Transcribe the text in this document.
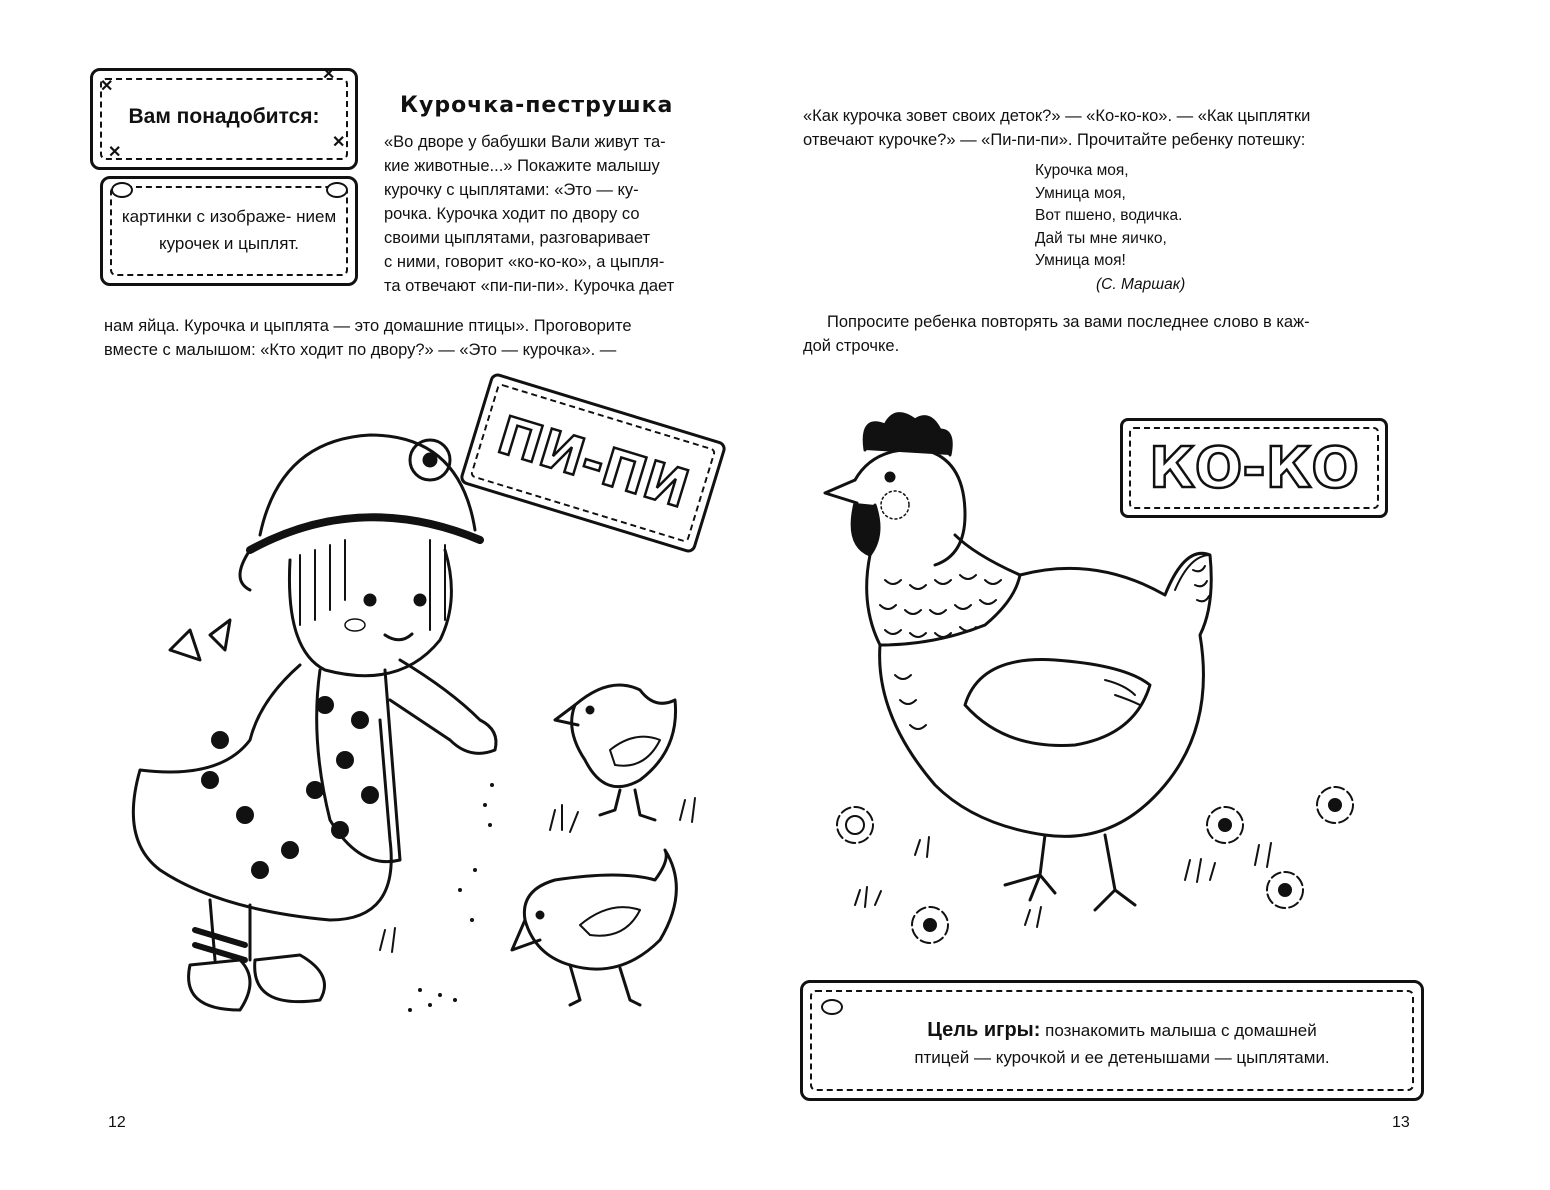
Вам понадобится:
✕
✕
✕
✕
картинки с изображе- нием курочек и цыплят.
Курочка-пеструшка
«Во дворе у бабушки Вали живут та-
кие животные...» Покажите малышу
курочку с цыплятами: «Это — ку-
рочка. Курочка ходит по двору со
своими цыплятами, разговаривает
с ними, говорит «ко-ко-ко», а цыпля-
та отвечают «пи-пи-пи». Курочка дает
нам яйца. Курочка и цыплята — это домашние птицы». Проговорите
вместе с малышом: «Кто ходит по двору?» — «Это — курочка». —
ПИ-ПИ
12
«Как курочка зовет своих деток?» — «Ко-ко-ко». — «Как цыплятки
отвечают курочке?» — «Пи-пи-пи». Прочитайте ребенку потешку:
Курочка моя,
Умница моя,
Вот пшено, водичка.
Дай ты мне яичко,
Умница моя!
(С. Маршак)
Попросите ребенка повторять за вами последнее слово в каж-
дой строчке.
КО-КО
Цель игры: познакомить малыша с домашней
птицей — курочкой и ее детенышами — цыплятами.
13
